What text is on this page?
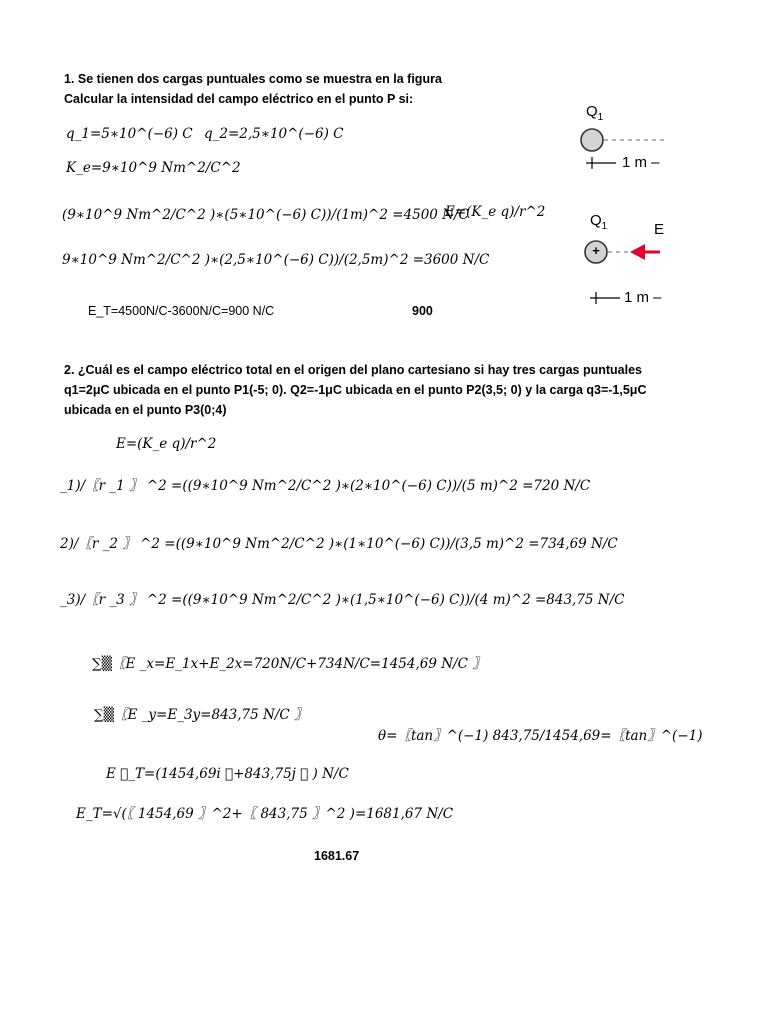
1. Se tienen dos cargas puntuales como se muestra en la figura
Calcular la intensidad del campo eléctrico en el punto P si:
q_1=5∗10^(−6) C q_2=2,5∗10^(−6) C
K_e=9∗10^9 Nm^2/C^2
(9∗10^9 Nm^2/C^2 )∗(5∗10^(−6) C))/(1m)^2 =4500 N/C
E=(K_e q)/r^2
9∗10^9 Nm^2/C^2 )∗(2,5∗10^(−6) C))/(2,5m)^2 =3600 N/C
E_T=4500N/C-3600N/C=900 N/C	900
$Q_1$
+
1 m –
$Q_1$	E
1 m –
2. ¿Cuál es el campo eléctrico total en el origen del plano cartesiano si hay tres cargas puntuales
q1=2μC ubicada en el punto P1(-5; 0). Q2=-1μC ubicada en el punto P2(3,5; 0) y la carga q3=-1,5μC
ubicada en el punto P3(0;4)
E=(K_e q)/r^2
_1)/〖r _1 〗 ^2 =((9∗10^9 Nm^2/C^2 )∗(2∗10^(−6) C))/(5 m)^2 =720 N/C
2)/〖r _2 〗 ^2 =((9∗10^9 Nm^2/C^2 )∗(1∗10^(−6) C))/(3,5 m)^2 =734,69 N/C
_3)/〖r _3 〗 ^2 =((9∗10^9 Nm^2/C^2 )∗(1,5∗10^(−6) C))/(4 m)^2 =843,75 N/C
∑▒〖E _x=E_1x+E_2x=720N/C+734N/C=1454,69 N/C 〗
∑▒〖E _y=E_3y=843,75 N/C 〗
θ=〖tan〗^(−1) 843,75/1454,69=〖tan〗^(−1)
E ⃗_T=(1454,69i ⃗+843,75j ⃗ ) N/C
E_T=√(〖 1454,69 〗^2+〖 843,75 〗^2 )=1681,67 N/C
1681.67
